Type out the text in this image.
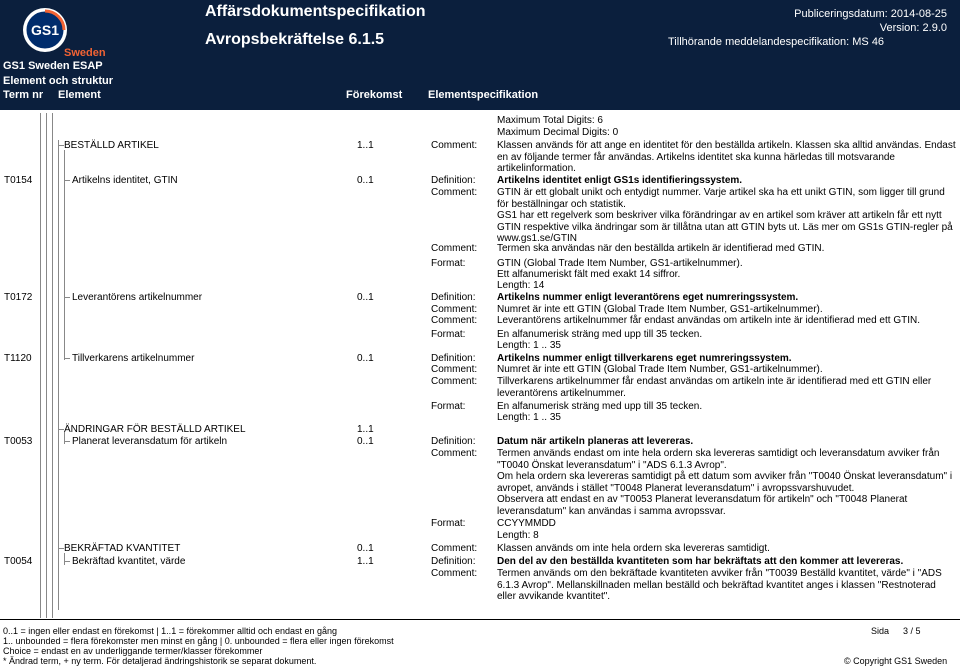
GS1
Sweden
Affärsdokumentspecifikation
Avropsbekräftelse 6.1.5
Publiceringsdatum: 2014-08-25
Version: 2.9.0
Tillhörande meddelandespecifikation: MS 46
GS1 Sweden ESAP
Element och struktur
Term nr Element	Förekomst Elementspecifikation
Maximum Total Digits: 6
Maximum Decimal Digits: 0
BESTÄLLD ARTIKEL	1..1	Comment: Klassen används för att ange en identitet för den beställda artikeln. Klassen ska alltid användas. Endast en av följande termer får användas. Artikelns identitet ska kunna härledas till motsvarande artikelinformation.
T0154	Artikelns identitet, GTIN	0..1	Definition: Artikelns identitet enligt GS1s identifieringssystem.
Comment: GTIN är ett globalt unikt och entydigt nummer. Varje artikel ska ha ett unikt GTIN, som ligger till grund för beställningar och statistik.
GS1 har ett regelverk som beskriver vilka förändringar av en artikel som kräver att artikeln får ett nytt GTIN respektive vilka ändringar som är tillåtna utan att GTIN byts ut. Läs mer om GS1s GTIN-regler på www.gs1.se/GTIN
Comment: Termen ska användas när den beställda artikeln är identifierad med GTIN.
Format:	GTIN (Global Trade Item Number, GS1-artikelnummer).
Ett alfanumeriskt fält med exakt 14 siffror.
Length: 14
T0172	Leverantörens artikelnummer	0..1	Definition: Artikelns nummer enligt leverantörens eget numreringssystem.
Comment: Numret är inte ett GTIN (Global Trade Item Number, GS1-artikelnummer).
Comment: Leverantörens artikelnummer får endast användas om artikeln inte är identifierad med ett GTIN.
Format:	En alfanumerisk sträng med upp till 35 tecken.
Length: 1 .. 35
T1120	Tillverkarens artikelnummer	0..1	Definition: Artikelns nummer enligt tillverkarens eget numreringssystem.
Comment: Numret är inte ett GTIN (Global Trade Item Number, GS1-artikelnummer).
Comment: Tillverkarens artikelnummer får endast användas om artikeln inte är identifierad med ett GTIN eller leverantörens artikelnummer.
Format:	En alfanumerisk sträng med upp till 35 tecken.
Length: 1 .. 35
ÄNDRINGAR FÖR BESTÄLLD ARTIKEL	1..1
T0053	Planerat leveransdatum för artikeln	0..1	Definition: Datum när artikeln planeras att levereras.
Comment: Termen används endast om inte hela ordern ska levereras samtidigt och leveransdatum avviker från "T0040 Önskat leveransdatum" i "ADS 6.1.3 Avrop".
Om hela ordern ska levereras samtidigt på ett datum som avviker från "T0040 Önskat leveransdatum" i avropet, används i stället "T0048 Planerat leveransdatum" i avropssvarshuvudet.
Observera att endast en av "T0053 Planerat leveransdatum för artikeln" och "T0048 Planerat leveransdatum" kan användas i samma avropssvar.
Format:	CCYYMMDD
Length: 8
BEKRÄFTAD KVANTITET	0..1	Comment: Klassen används om inte hela ordern ska levereras samtidigt.
T0054	Bekräftad kvantitet, värde	1..1	Definition: Den del av den beställda kvantiteten som har bekräftats att den kommer att levereras.
Comment: Termen används om den bekräftade kvantiteten avviker från "T0039 Beställd kvantitet, värde" i "ADS 6.1.3 Avrop". Mellanskillnaden mellan beställd och bekräftad kvantitet anges i klassen "Restnoterad eller avvikande kvantitet".
0..1 = ingen eller endast en förekomst | 1..1 = förekommer alltid och endast en gång
1.. unbounded = flera förekomster men minst en gång | 0. unbounded = flera eller ingen förekomst
Choice = endast en av underliggande termer/klasser förekommer
* Ändrad term, + ny term. För detaljerad ändringshistorik se separat dokument.
Sida 3 / 5
© Copyright GS1 Sweden
